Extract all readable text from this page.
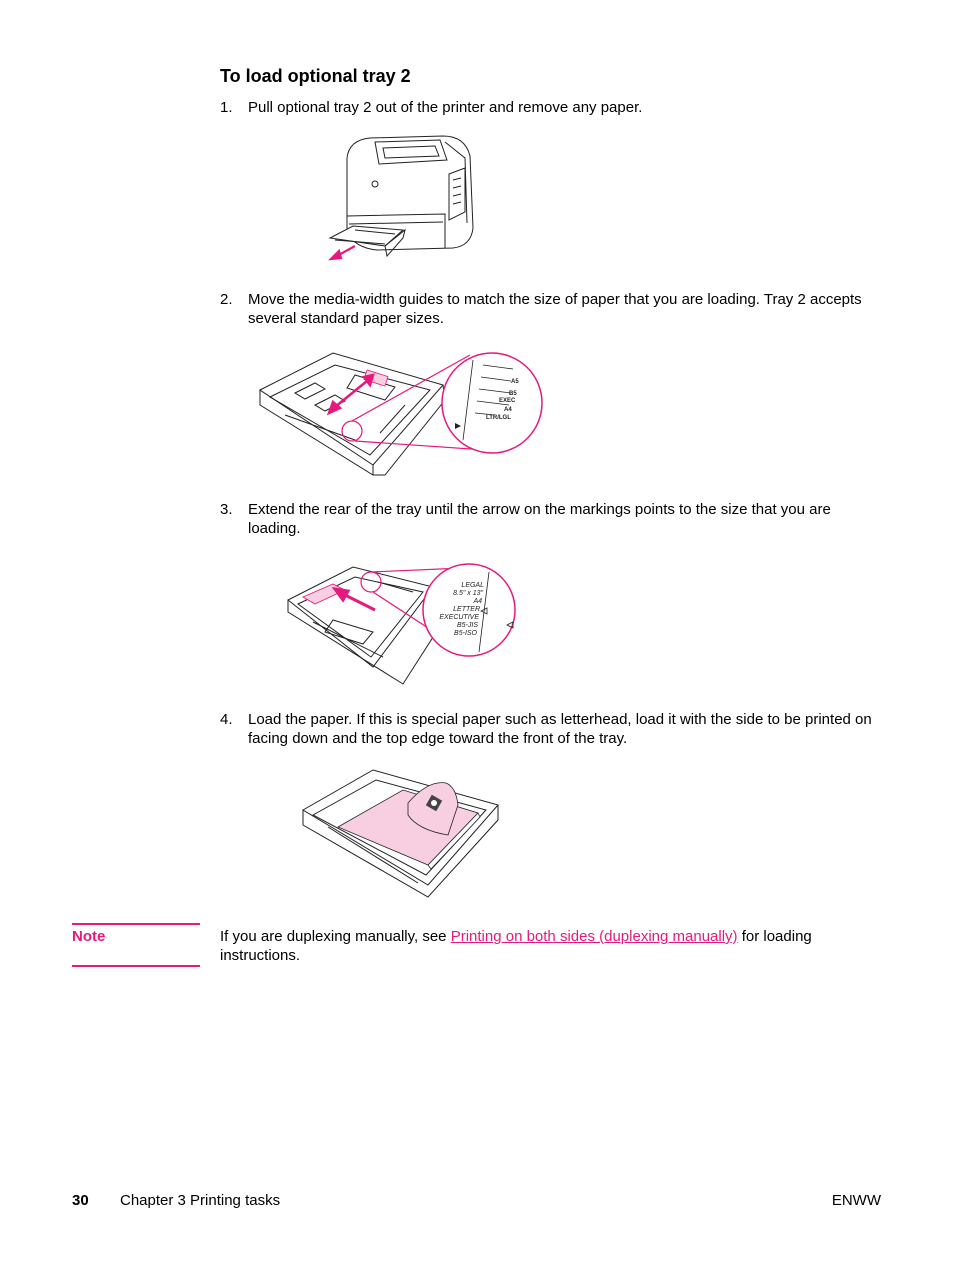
To load optional tray 2
1. Pull optional tray 2 out of the printer and remove any paper.
2. Move the media-width guides to match the size of paper that you are loading. Tray 2 accepts several standard paper sizes.
A5
B5
EXEC
A4
LTR/LGL
3. Extend the rear of the tray until the arrow on the markings points to the size that you are loading.
LEGAL
8.5" x 13"
A4
LETTER
EXECUTIVE
B5-JIS
B5-ISO
4. Load the paper. If this is special paper such as letterhead, load it with the side to be printed on facing down and the top edge toward the front of the tray.
Note	If you are duplexing manually, see Printing on both sides (duplexing manually) for loading instructions.
30 Chapter 3 Printing tasks	ENWW
